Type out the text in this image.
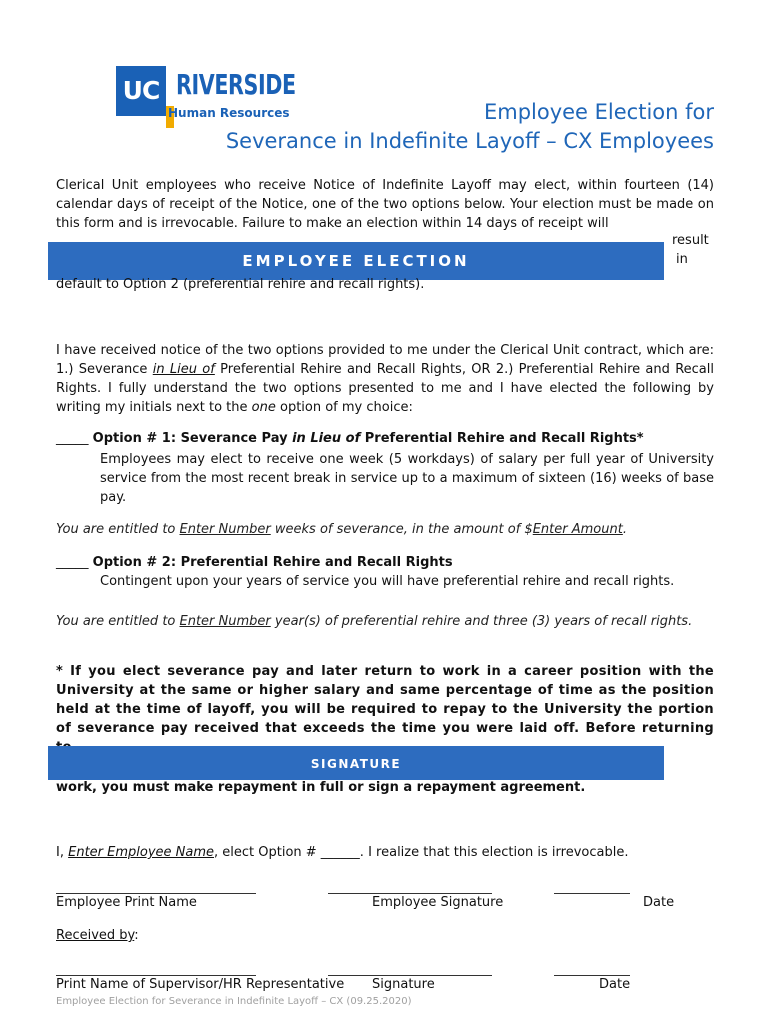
UC RIVERSIDE
Human Resources	Employee Election for
Severance in Indefinite Layoff – CX Employees
Clerical Unit employees who receive Notice of Indefinite Layoff may elect, within fourteen (14) calendar days of receipt of the Notice, one of the two options below. Your election must be made on this form and is irrevocable. Failure to make an election within 14 days of receipt will
result
in
EMPLOYEE ELECTION
default to Option 2 (preferential rehire and recall rights).
I have received notice of the two options provided to me under the Clerical Unit contract, which are: 1.) Severance in Lieu of Preferential Rehire and Recall Rights, OR 2.) Preferential Rehire and Recall Rights. I fully understand the two options presented to me and I have elected the following by writing my initials next to the one option of my choice:
_____ Option # 1: Severance Pay in Lieu of Preferential Rehire and Recall Rights*
Employees may elect to receive one week (5 workdays) of salary per full year of University service from the most recent break in service up to a maximum of sixteen (16) weeks of base pay.
You are entitled to Enter Number weeks of severance, in the amount of $Enter Amount.
_____ Option # 2: Preferential Rehire and Recall Rights
Contingent upon your years of service you will have preferential rehire and recall rights.
You are entitled to Enter Number year(s) of preferential rehire and three (3) years of recall rights.
* If you elect severance pay and later return to work in a career position with the University at the same or higher salary and same percentage of time as the position held at the time of layoff, you will be required to repay to the University the portion of severance pay received that exceeds the time you were laid off. Before returning
SIGNATURE
work, you must make repayment in full or sign a repayment agreement.
I, Enter Employee Name, elect Option # ______. I realize that this election is irrevocable.
Employee Print Name	Employee Signature	Date
Received by:
Print Name of Supervisor/HR Representative Signature	Date
Employee Election for Severance in Indefinite Layoff – CX (09.25.2020)
